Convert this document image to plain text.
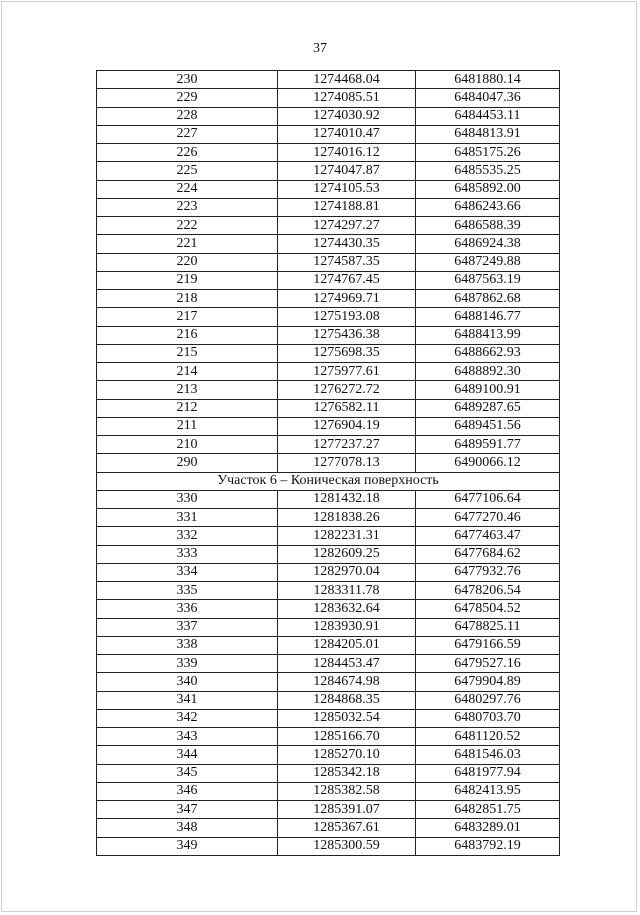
37
230	1274468.04	6481880.14
229	1274085.51	6484047.36
228	1274030.92	6484453.11
227	1274010.47	6484813.91
226	1274016.12	6485175.26
225	1274047.87	6485535.25
224	1274105.53	6485892.00
223	1274188.81	6486243.66
222	1274297.27	6486588.39
221	1274430.35	6486924.38
220	1274587.35	6487249.88
219	1274767.45	6487563.19
218	1274969.71	6487862.68
217	1275193.08	6488146.77
216	1275436.38	6488413.99
215	1275698.35	6488662.93
214	1275977.61	6488892.30
213	1276272.72	6489100.91
212	1276582.11	6489287.65
211	1276904.19	6489451.56
210	1277237.27	6489591.77
290	1277078.13	6490066.12
Участок 6 – Коническая поверхность		
330	1281432.18	6477106.64
331	1281838.26	6477270.46
332	1282231.31	6477463.47
333	1282609.25	6477684.62
334	1282970.04	6477932.76
335	1283311.78	6478206.54
336	1283632.64	6478504.52
337	1283930.91	6478825.11
338	1284205.01	6479166.59
339	1284453.47	6479527.16
340	1284674.98	6479904.89
341	1284868.35	6480297.76
342	1285032.54	6480703.70
343	1285166.70	6481120.52
344	1285270.10	6481546.03
345	1285342.18	6481977.94
346	1285382.58	6482413.95
347	1285391.07	6482851.75
348	1285367.61	6483289.01
349	1285300.59	6483792.19
